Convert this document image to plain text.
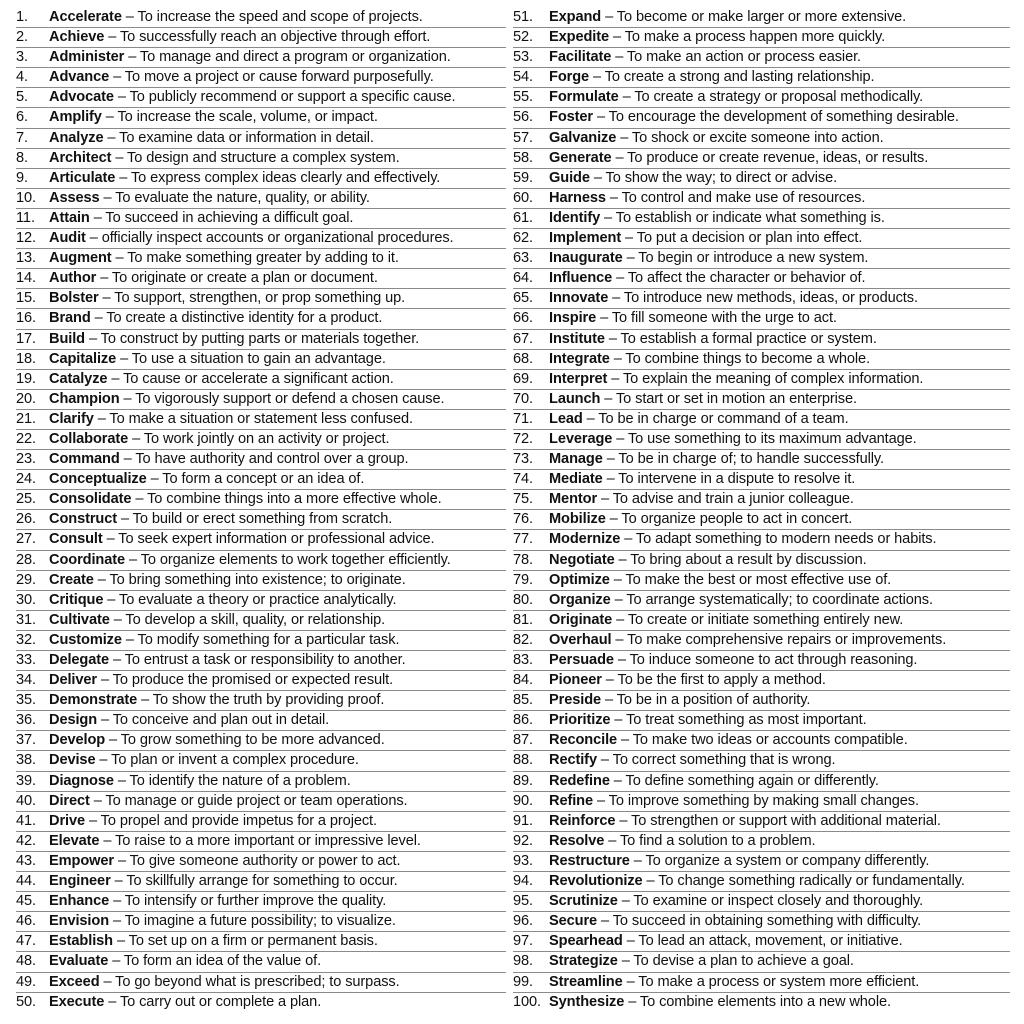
1. Accelerate – To increase the speed and scope of projects.
2. Achieve – To successfully reach an objective through effort.
3. Administer – To manage and direct a program or organization.
4. Advance – To move a project or cause forward purposefully.
5. Advocate – To publicly recommend or support a specific cause.
6. Amplify – To increase the scale, volume, or impact.
7. Analyze – To examine data or information in detail.
8. Architect – To design and structure a complex system.
9. Articulate – To express complex ideas clearly and effectively.
10. Assess – To evaluate the nature, quality, or ability.
11. Attain – To succeed in achieving a difficult goal.
12. Audit – officially inspect accounts or organizational procedures.
13. Augment – To make something greater by adding to it.
14. Author – To originate or create a plan or document.
15. Bolster – To support, strengthen, or prop something up.
16. Brand – To create a distinctive identity for a product.
17. Build – To construct by putting parts or materials together.
18. Capitalize – To use a situation to gain an advantage.
19. Catalyze – To cause or accelerate a significant action.
20. Champion – To vigorously support or defend a chosen cause.
21. Clarify – To make a situation or statement less confused.
22. Collaborate – To work jointly on an activity or project.
23. Command – To have authority and control over a group.
24. Conceptualize – To form a concept or an idea of.
25. Consolidate – To combine things into a more effective whole.
26. Construct – To build or erect something from scratch.
27. Consult – To seek expert information or professional advice.
28. Coordinate – To organize elements to work together efficiently.
29. Create – To bring something into existence; to originate.
30. Critique – To evaluate a theory or practice analytically.
31. Cultivate – To develop a skill, quality, or relationship.
32. Customize – To modify something for a particular task.
33. Delegate – To entrust a task or responsibility to another.
34. Deliver – To produce the promised or expected result.
35. Demonstrate – To show the truth by providing proof.
36. Design – To conceive and plan out in detail.
37. Develop – To grow something to be more advanced.
38. Devise – To plan or invent a complex procedure.
39. Diagnose – To identify the nature of a problem.
40. Direct – To manage or guide project or team operations.
41. Drive – To propel and provide impetus for a project.
42. Elevate – To raise to a more important or impressive level.
43. Empower – To give someone authority or power to act.
44. Engineer – To skillfully arrange for something to occur.
45. Enhance – To intensify or further improve the quality.
46. Envision – To imagine a future possibility; to visualize.
47. Establish – To set up on a firm or permanent basis.
48. Evaluate – To form an idea of the value of.
49. Exceed – To go beyond what is prescribed; to surpass.
50. Execute – To carry out or complete a plan.
51. Expand – To become or make larger or more extensive.
52. Expedite – To make a process happen more quickly.
53. Facilitate – To make an action or process easier.
54. Forge – To create a strong and lasting relationship.
55. Formulate – To create a strategy or proposal methodically.
56. Foster – To encourage the development of something desirable.
57. Galvanize – To shock or excite someone into action.
58. Generate – To produce or create revenue, ideas, or results.
59. Guide – To show the way; to direct or advise.
60. Harness – To control and make use of resources.
61. Identify – To establish or indicate what something is.
62. Implement – To put a decision or plan into effect.
63. Inaugurate – To begin or introduce a new system.
64. Influence – To affect the character or behavior of.
65. Innovate – To introduce new methods, ideas, or products.
66. Inspire – To fill someone with the urge to act.
67. Institute – To establish a formal practice or system.
68. Integrate – To combine things to become a whole.
69. Interpret – To explain the meaning of complex information.
70. Launch – To start or set in motion an enterprise.
71. Lead – To be in charge or command of a team.
72. Leverage – To use something to its maximum advantage.
73. Manage – To be in charge of; to handle successfully.
74. Mediate – To intervene in a dispute to resolve it.
75. Mentor – To advise and train a junior colleague.
76. Mobilize – To organize people to act in concert.
77. Modernize – To adapt something to modern needs or habits.
78. Negotiate – To bring about a result by discussion.
79. Optimize – To make the best or most effective use of.
80. Organize – To arrange systematically; to coordinate actions.
81. Originate – To create or initiate something entirely new.
82. Overhaul – To make comprehensive repairs or improvements.
83. Persuade – To induce someone to act through reasoning.
84. Pioneer – To be the first to apply a method.
85. Preside – To be in a position of authority.
86. Prioritize – To treat something as most important.
87. Reconcile – To make two ideas or accounts compatible.
88. Rectify – To correct something that is wrong.
89. Redefine – To define something again or differently.
90. Refine – To improve something by making small changes.
91. Reinforce – To strengthen or support with additional material.
92. Resolve – To find a solution to a problem.
93. Restructure – To organize a system or company differently.
94. Revolutionize – To change something radically or fundamentally.
95. Scrutinize – To examine or inspect closely and thoroughly.
96. Secure – To succeed in obtaining something with difficulty.
97. Spearhead – To lead an attack, movement, or initiative.
98. Strategize – To devise a plan to achieve a goal.
99. Streamline – To make a process or system more efficient.
100. Synthesize – To combine elements into a new whole.
